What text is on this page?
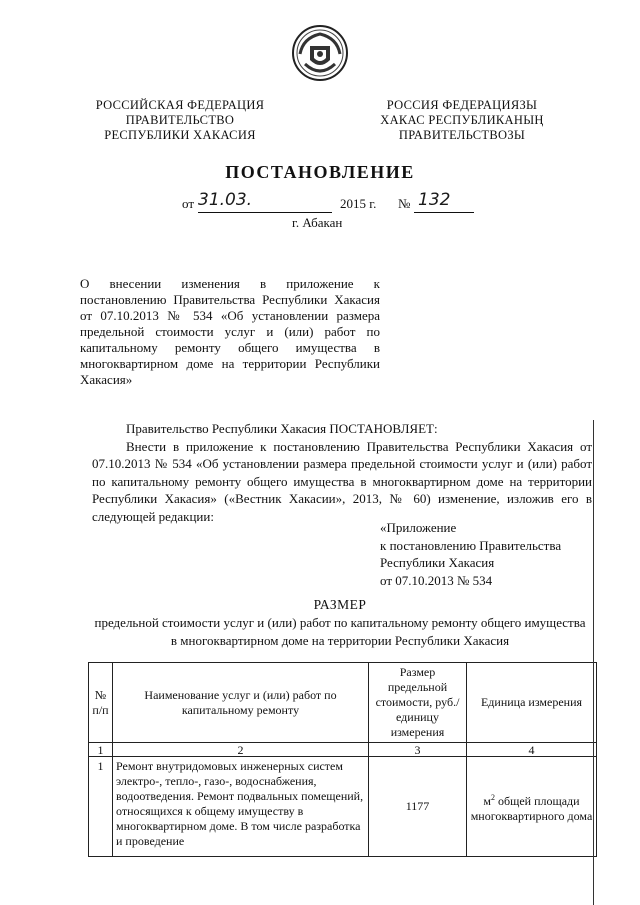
РОССИЙСКАЯ ФЕДЕРАЦИЯ
ПРАВИТЕЛЬСТВО
РЕСПУБЛИКИ ХАКАСИЯ
РОССИЯ ФЕДЕРАЦИЯЗЫ
ХАКАС РЕСПУБЛИКАНЫҢ
ПРАВИТЕЛЬСТВОЗЫ
ПОСТАНОВЛЕНИЕ
от 31.03.	2015 г. № 132
г. Абакан
О внесении изменения в приложение к постановлению Правительства Республики Хакасия от 07.10.2013 № 534 «Об установлении размера предельной стоимости услуг и (или) работ по капитальному ремонту общего имущества в многоквартирном доме на территории Республики Хакасия»

Правительство Республики Хакасия ПОСТАНОВЛЯЕТ:

Внести в приложение к постановлению Правительства Республики Хакасия от 07.10.2013 № 534 «Об установлении размера предельной стоимости услуг и (или) работ по капитальному ремонту общего имущества в многоквартирном доме на территории Республики Хакасия» («Вестник Хакасии», 2013, № 60) изменение, изложив его в следующей редакции:

«Приложение
к постановлению Правительства
Республики Хакасия
от 07.10.2013 № 534
РАЗМЕР
предельной стоимости услуг и (или) работ по капитальному ремонту общего имущества в многоквартирном доме на территории Республики Хакасия
№ п/п	Наименование услуг и (или) работ по капитальному ремонту	Размер предельной стоимости, руб./единицу измерения	Единица измерения
1	2	3	4
1	Ремонт внутридомовых инженерных систем электро-, тепло-, газо-, водоснабжения, водоотведения. Ремонт подвальных помещений, относящихся к общему имуществу в многоквартирном доме. В том числе разработка и проведение	1177	$м^2$ общей площади многоквартирного дома
